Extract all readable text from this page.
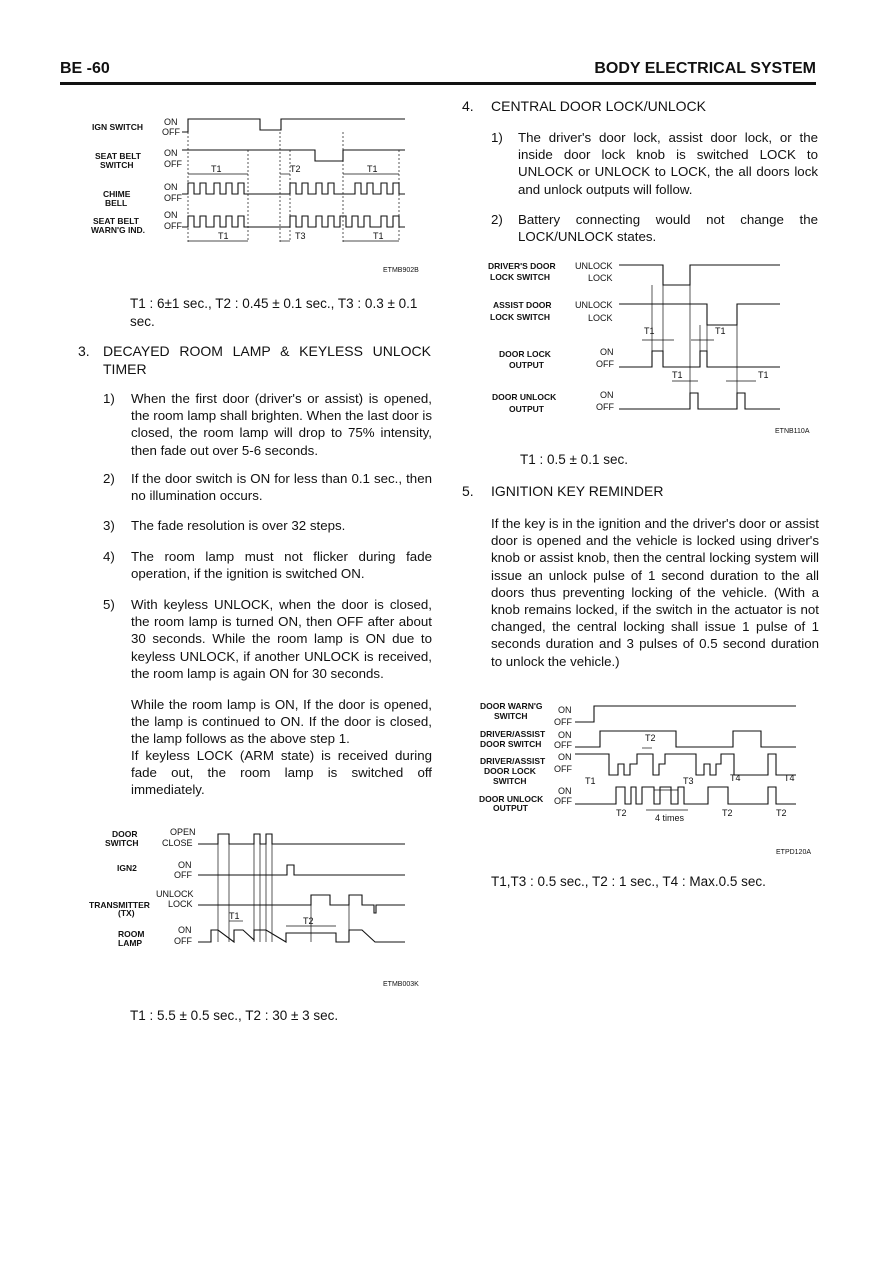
BE -60	BODY ELECTRICAL SYSTEM
IGN SWITCH
SEAT BELT
SWITCH
CHIME
BELL
SEAT BELT
WARN'G IND.
ON
OFF
ON
OFF
ON
OFF
ON
OFF
T1	T2	T1
T1	T3	T1
ETMB902B
T1 : 6±1 sec., T2 : 0.45 ± 0.1 sec., T3 : 0.3 ± 0.1
sec.
3. DECAYED ROOM LAMP & KEYLESS UNLOCK
TIMER
1) When the first door (driver's or assist) is opened, the room lamp shall brighten. When the last door is closed, the room lamp will drop to 75% intensity, then fade out over 5-6 seconds.
2) If the door switch is ON for less than 0.1 sec., then no illumination occurs.
3) The fade resolution is over 32 steps.
4) The room lamp must not flicker during fade operation, if the ignition is switched ON.
5) With keyless UNLOCK, when the door is closed, the room lamp is turned ON, then OFF after about 30 seconds. While the room lamp is ON due to keyless UNLOCK, if another UNLOCK is received, the room lamp is again ON for 30 seconds.
While the room lamp is ON, If the door is opened, the lamp is continued to ON. If the door is closed, the lamp follows as the above step 1.
If keyless LOCK (ARM state) is received during fade out, the room lamp is switched off immediately.
DOOR
SWITCH
IGN2
TRANSMITTER
(TX)
ROOM
LAMP
OPEN
CLOSE
ON
OFF
UNLOCK
LOCK
ON
OFF
T1	T2
ETMB003K
T1 : 5.5 ± 0.5 sec., T2 : 30 ± 3 sec.
4. CENTRAL DOOR LOCK/UNLOCK
1) The driver's door lock, assist door lock, or the inside door lock knob is switched LOCK to UNLOCK or UNLOCK to LOCK, the all doors lock and unlock outputs will follow.
2) Battery connecting would not change the LOCK/UNLOCK states.
DRIVER'S DOOR
LOCK SWITCH
ASSIST DOOR
LOCK SWITCH
DOOR LOCK
OUTPUT
DOOR UNLOCK
OUTPUT
UNLOCK
LOCK
UNLOCK
LOCK
ON
OFF
ON
OFF
T1	T1
T1	T1
ETNB110A
T1 : 0.5 ± 0.1 sec.
5. IGNITION KEY REMINDER
If the key is in the ignition and the driver's door or assist door is opened and the vehicle is locked using driver's knob or assist knob, then the central locking system will issue an unlock pulse of 1 second duration to the all doors thus preventing locking of the vehicle. (With a knob remains locked, if the switch in the actuator is not changed, the central locking shall issue 1 pulse of 1 seconds duration and 3 pulses of 0.5 second duration to unlock the vehicle.)
DOOR WARN'G
SWITCH
DRIVER/ASSIST
DOOR SWITCH
DRIVER/ASSIST
DOOR LOCK
SWITCH
DOOR UNLOCK
OUTPUT
ON
OFF
ON
OFF
ON
OFF
ON
OFF
T2
T1	T3	T4	T4
T2	4 times	T2	T2
ETPD120A
T1,T3 : 0.5 sec., T2 : 1 sec., T4 : Max.0.5 sec.
